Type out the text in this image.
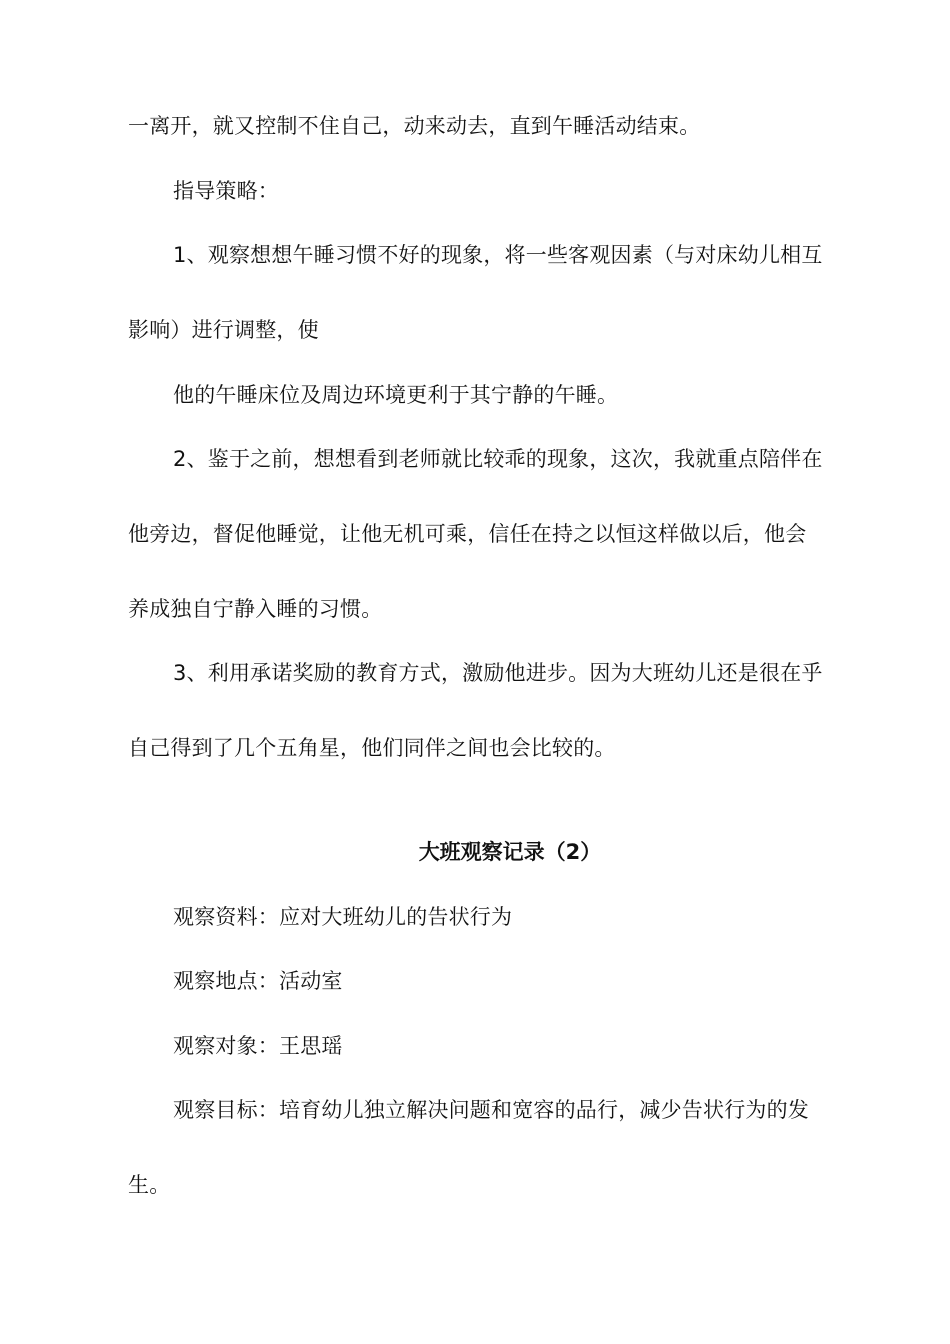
一离开，就又控制不住自己，动来动去，直到午睡活动结束。
指导策略：
1、观察想想午睡习惯不好的现象，将一些客观因素（与对床幼儿相互
影响）进行调整，使
他的午睡床位及周边环境更利于其宁静的午睡。
2、鉴于之前，想想看到老师就比较乖的现象，这次，我就重点陪伴在
他旁边，督促他睡觉，让他无机可乘，信任在持之以恒这样做以后，他会
养成独自宁静入睡的习惯。
3、利用承诺奖励的教育方式，激励他进步。因为大班幼儿还是很在乎
自己得到了几个五角星，他们同伴之间也会比较的。
大班观察记录（2）
观察资料：应对大班幼儿的告状行为
观察地点：活动室
观察对象：王思瑶
观察目标：培育幼儿独立解决问题和宽容的品行，减少告状行为的发
生。
